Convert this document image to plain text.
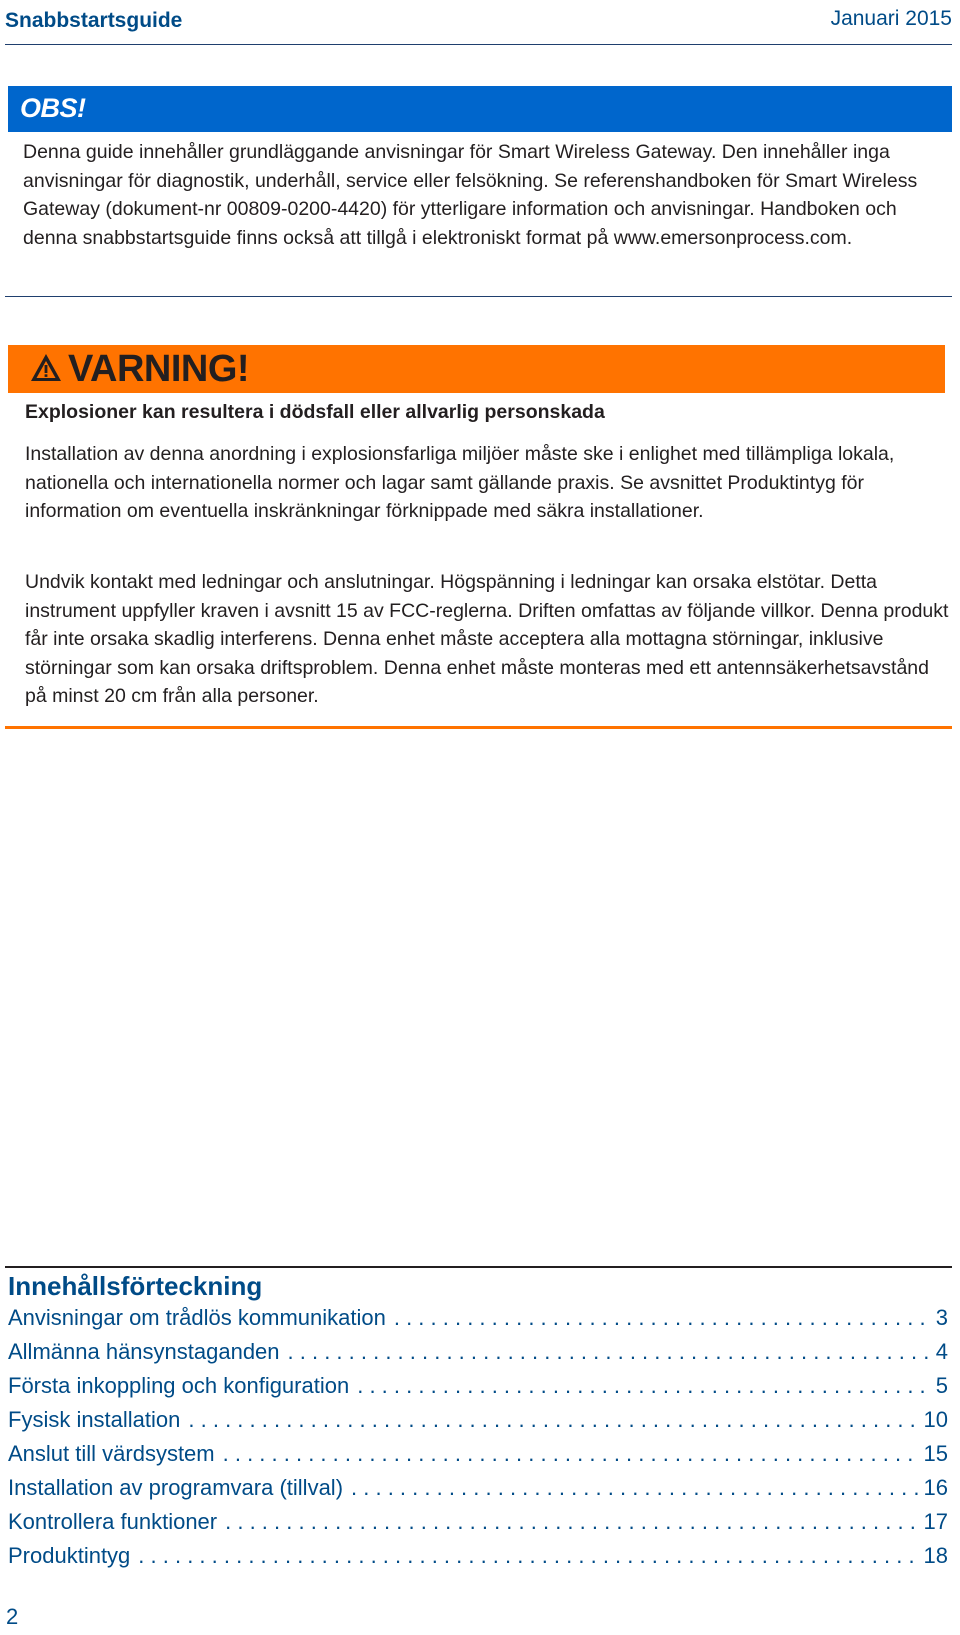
Snabbstartsguide	Januari 2015
OBS!
Denna guide innehåller grundläggande anvisningar för Smart Wireless Gateway. Den innehåller inga anvisningar för diagnostik, underhåll, service eller felsökning. Se referenshandboken för Smart Wireless Gateway (dokument-nr 00809-0200-4420) för ytterligare information och anvisningar. Handboken och denna snabbstartsguide finns också att tillgå i elektroniskt format på www.emersonprocess.com.
VARNING!
Explosioner kan resultera i dödsfall eller allvarlig personskada
Installation av denna anordning i explosionsfarliga miljöer måste ske i enlighet med tillämpliga lokala, nationella och internationella normer och lagar samt gällande praxis. Se avsnittet Produktintyg för information om eventuella inskränkningar förknippade med säkra installationer.
Undvik kontakt med ledningar och anslutningar. Högspänning i ledningar kan orsaka elstötar. Detta instrument uppfyller kraven i avsnitt 15 av FCC-reglerna. Driften omfattas av följande villkor. Denna produkt får inte orsaka skadlig interferens. Denna enhet måste acceptera alla mottagna störningar, inklusive störningar som kan orsaka driftsproblem. Denna enhet måste monteras med ett antennsäkerhetsavstånd på minst 20 cm från alla personer.
Innehållsförteckning
Anvisningar om trådlös kommunikation . . .	3
Allmänna hänsynstaganden . . .	4
Första inkoppling och konfiguration . . .	5
Fysisk installation . . .	10
Anslut till värdsystem . . .	15
Installation av programvara (tillval) . . .	16
Kontrollera funktioner . . .	17
Produktintyg . . .	18
2
